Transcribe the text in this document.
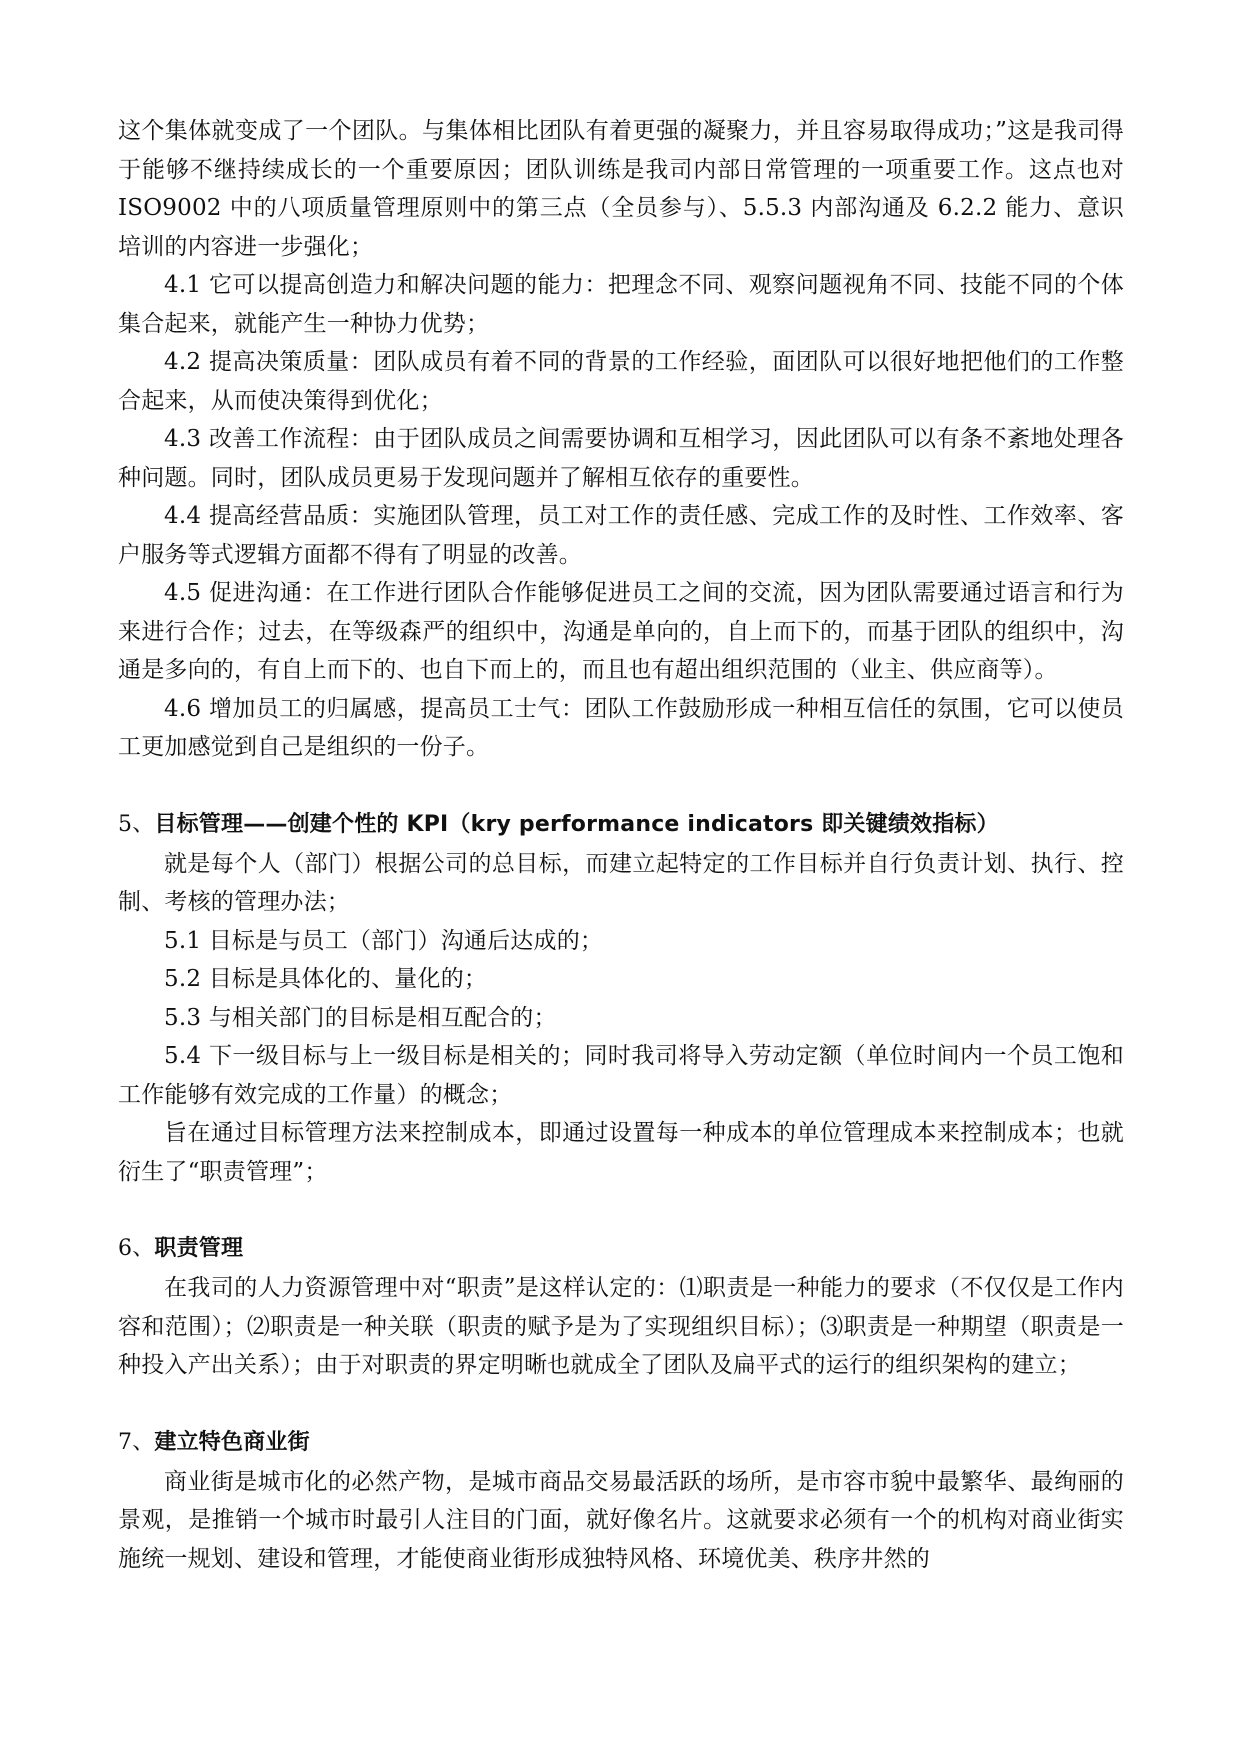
这个集体就变成了一个团队。与集体相比团队有着更强的凝聚力，并且容易取得成功；”这是我司得于能够不继持续成长的一个重要原因；团队训练是我司内部日常管理的一项重要工作。这点也对 ISO9002 中的八项质量管理原则中的第三点（全员参与）、5.5.3 内部沟通及 6.2.2 能力、意识培训的内容进一步强化；

4.1 它可以提高创造力和解决问题的能力：把理念不同、观察问题视角不同、技能不同的个体集合起来，就能产生一种协力优势；

4.2 提高决策质量：团队成员有着不同的背景的工作经验，面团队可以很好地把他们的工作整合起来，从而使决策得到优化；

4.3 改善工作流程：由于团队成员之间需要协调和互相学习，因此团队可以有条不紊地处理各种问题。同时，团队成员更易于发现问题并了解相互依存的重要性。

4.4 提高经营品质：实施团队管理，员工对工作的责任感、完成工作的及时性、工作效率、客户服务等式逻辑方面都不得有了明显的改善。

4.5 促进沟通：在工作进行团队合作能够促进员工之间的交流，因为团队需要通过语言和行为来进行合作；过去，在等级森严的组织中，沟通是单向的，自上而下的，而基于团队的组织中，沟通是多向的，有自上而下的、也自下而上的，而且也有超出组织范围的（业主、供应商等）。

4.6 增加员工的归属感，提高员工士气：团队工作鼓励形成一种相互信任的氛围，它可以使员工更加感觉到自己是组织的一份子。

5、目标管理——创建个性的 KPI（kry performance indicators 即关键绩效指标）

就是每个人（部门）根据公司的总目标，而建立起特定的工作目标并自行负责计划、执行、控制、考核的管理办法；

5.1 目标是与员工（部门）沟通后达成的；

5.2 目标是具体化的、量化的；

5.3 与相关部门的目标是相互配合的；

5.4 下一级目标与上一级目标是相关的；同时我司将导入劳动定额（单位时间内一个员工饱和工作能够有效完成的工作量）的概念；

旨在通过目标管理方法来控制成本，即通过设置每一种成本的单位管理成本来控制成本；也就衍生了“职责管理”；

6、职责管理

在我司的人力资源管理中对“职责”是这样认定的：⑴职责是一种能力的要求（不仅仅是工作内容和范围）；⑵职责是一种关联（职责的赋予是为了实现组织目标）；⑶职责是一种期望（职责是一种投入产出关系）；由于对职责的界定明晰也就成全了团队及扁平式的运行的组织架构的建立；

7、建立特色商业街

商业街是城市化的必然产物，是城市商品交易最活跃的场所，是市容市貌中最繁华、最绚丽的景观，是推销一个城市时最引人注目的门面，就好像名片。这就要求必须有一个的机构对商业街实施统一规划、建设和管理，才能使商业街形成独特风格、环境优美、秩序井然的
